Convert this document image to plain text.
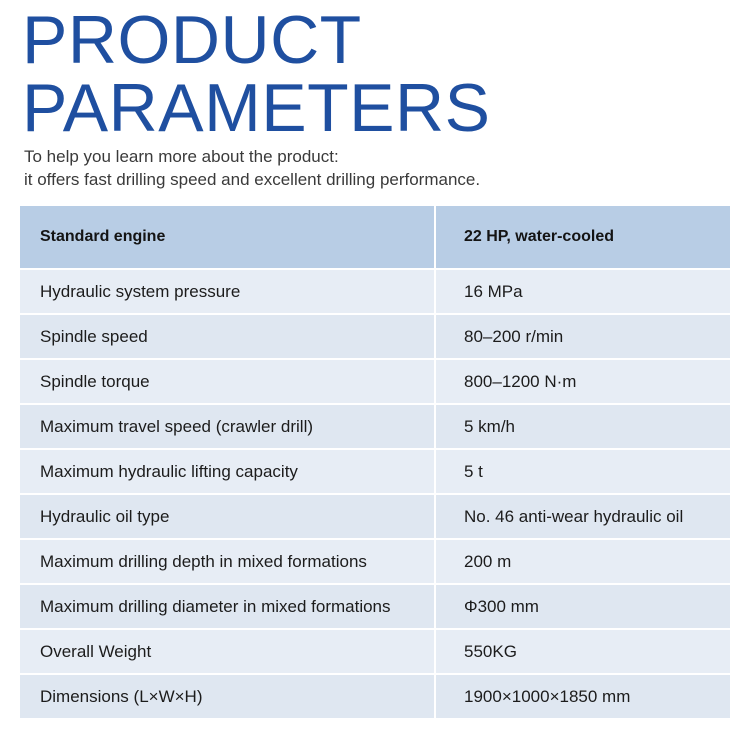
PRODUCT
PARAMETERS

To help you learn more about the product:

it offers fast drilling speed and excellent drilling performance.

Standard engine	22 HP, water-cooled
Hydraulic system pressure	16 MPa
Spindle speed	80–200 r/min
Spindle torque	800–1200 N·m
Maximum travel speed (crawler drill)	5 km/h
Maximum hydraulic lifting capacity	5 t
Hydraulic oil type	No. 46 anti-wear hydraulic oil
Maximum drilling depth in mixed formations	200 m
Maximum drilling diameter in mixed formations	Φ300 mm
Overall Weight	550KG
Dimensions (L×W×H)	1900×1000×1850 mm
